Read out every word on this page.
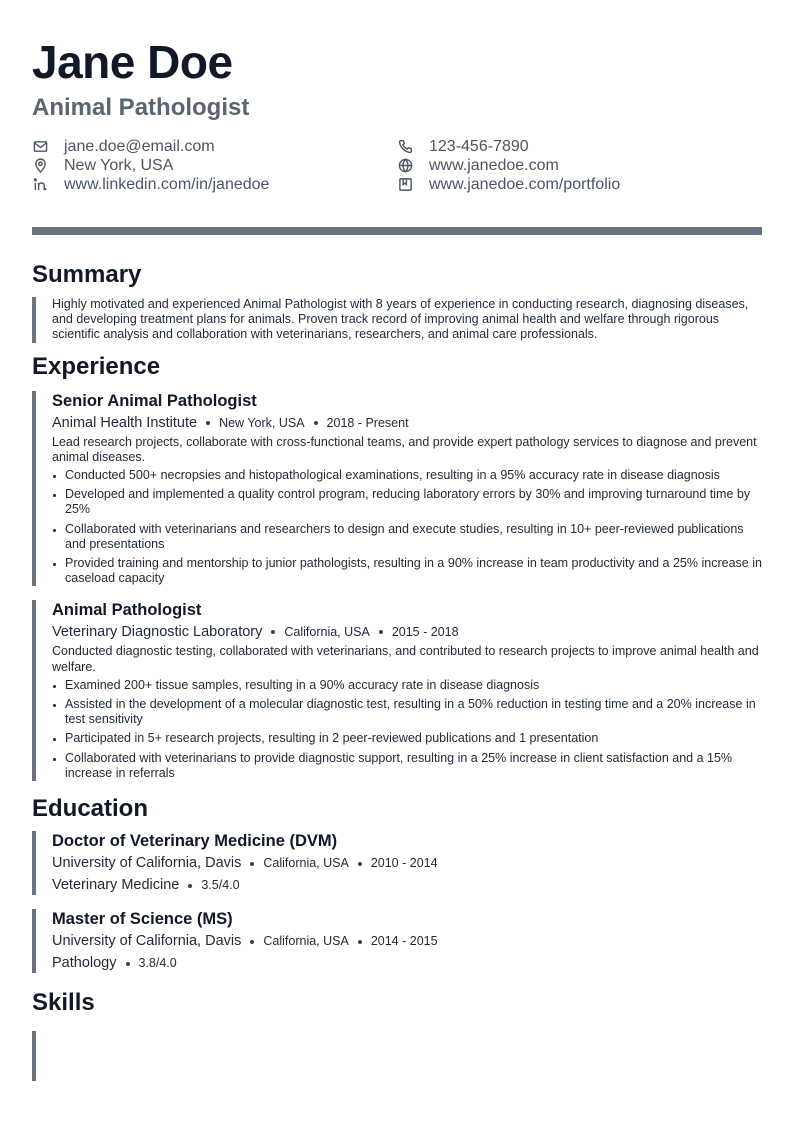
Jane Doe
Animal Pathologist
jane.doe@email.com	123-456-7890
New York, USA	www.janedoe.com
www.linkedin.com/in/janedoe	www.janedoe.com/portfolio
Summary
Highly motivated and experienced Animal Pathologist with 8 years of experience in conducting research, diagnosing diseases, and developing treatment plans for animals. Proven track record of improving animal health and welfare through rigorous scientific analysis and collaboration with veterinarians, researchers, and animal care professionals.
Experience
Senior Animal Pathologist
Animal Health Institute New York, USA 2018 - Present
Lead research projects, collaborate with cross-functional teams, and provide expert pathology services to diagnose and prevent animal diseases.
Conducted 500+ necropsies and histopathological examinations, resulting in a 95% accuracy rate in disease diagnosis
Developed and implemented a quality control program, reducing laboratory errors by 30% and improving turnaround time by 25%
Collaborated with veterinarians and researchers to design and execute studies, resulting in 10+ peer-reviewed publications and presentations
Provided training and mentorship to junior pathologists, resulting in a 90% increase in team productivity and a 25% increase in caseload capacity
Animal Pathologist
Veterinary Diagnostic Laboratory California, USA 2015 - 2018
Conducted diagnostic testing, collaborated with veterinarians, and contributed to research projects to improve animal health and welfare.
Examined 200+ tissue samples, resulting in a 90% accuracy rate in disease diagnosis
Assisted in the development of a molecular diagnostic test, resulting in a 50% reduction in testing time and a 20% increase in test sensitivity
Participated in 5+ research projects, resulting in 2 peer-reviewed publications and 1 presentation
Collaborated with veterinarians to provide diagnostic support, resulting in a 25% increase in client satisfaction and a 15% increase in referrals
Education
Doctor of Veterinary Medicine (DVM)
University of California, Davis California, USA 2010 - 2014
Veterinary Medicine 3.5/4.0
Master of Science (MS)
University of California, Davis California, USA 2014 - 2015
Pathology 3.8/4.0
Skills
